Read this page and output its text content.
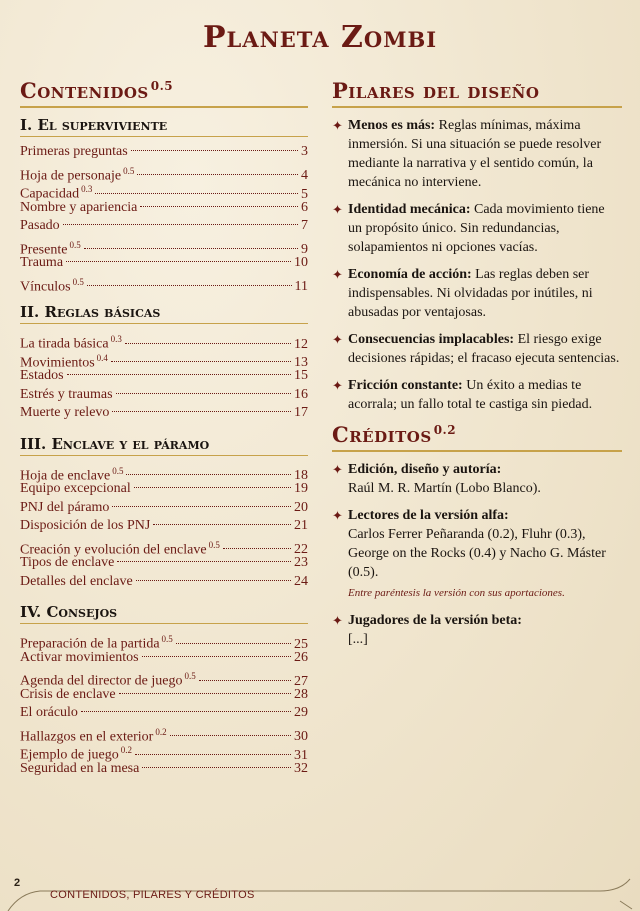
Planeta Zombi
Contenidos $^{0.5}$
I. El superviviente
Primeras preguntas	3
Hoja de personaje $^{0.5}$	4
Capacidad $^{0.3}$	5
Nombre y apariencia	6
Pasado	7
Presente $^{0.5}$	9
Trauma	10
Vínculos $^{0.5}$	11
II. Reglas básicas
La tirada básica $^{0.3}$	12
Movimientos $^{0.4}$	13
Estados	15
Estrés y traumas	16
Muerte y relevo	17
III. Enclave y el páramo
Hoja de enclave $^{0.5}$	18
Equipo excepcional	19
PNJ del páramo	20
Disposición de los PNJ	21
Creación y evolución del enclave $^{0.5}$	22
Tipos de enclave	23
Detalles del enclave	24
IV. Consejos
Preparación de la partida $^{0.5}$	25
Activar movimientos	26
Agenda del director de juego $^{0.5}$	27
Crisis de enclave	28
El oráculo	29
Hallazgos en el exterior $^{0.2}$	30
Ejemplo de juego $^{0.2}$	31
Seguridad en la mesa	32
Pilares del diseño
✦ Menos es más: Reglas mínimas, máxima inmersión. Si una situación se puede resolver mediante la narrativa y el sentido común, la mecánica no interviene.
✦ Identidad mecánica: Cada movimiento tiene un propósito único. Sin redundancias, solapamientos ni opciones vacías.
✦ Economía de acción: Las reglas deben ser indispensables. Ni olvidadas por inútiles, ni abusadas por ventajosas.
✦ Consecuencias implacables: El riesgo exige decisiones rápidas; el fracaso ejecuta sentencias.
✦ Fricción constante: Un éxito a medias te acorrala; un fallo total te castiga sin piedad.
Créditos $^{0.2}$
✦ Edición, diseño y autoría:
Raúl M. R. Martín (Lobo Blanco).
✦ Lectores de la versión alfa:
Carlos Ferrer Peñaranda (0.2), Fluhr (0.3), George on the Rocks (0.4) y Nacho G. Máster (0.5).
Entre paréntesis la versión con sus aportaciones.
✦ Jugadores de la versión beta:
[...]
2
CONTENIDOS, PILARES Y CRÉDITOS
